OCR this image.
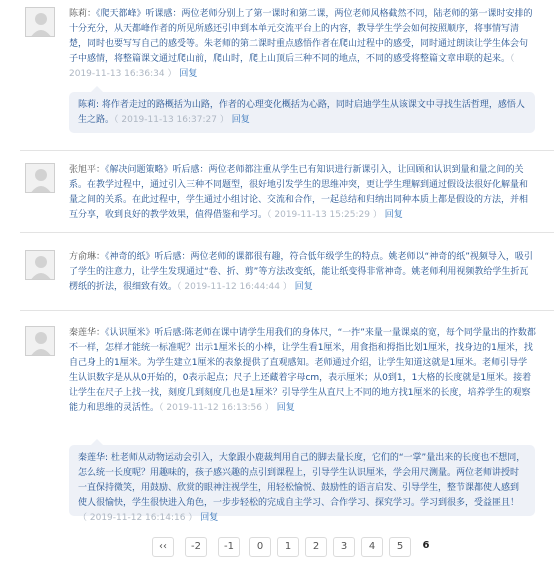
陈莉：《爬天都峰》听课感：两位老师分别上了第一课时和第二课，两位老师风格截然不同，陆老师的第一课时安排的十分充分，从天都峰作者的所见所感还引申到本单元交流平台上的内容，教导学生学会如何按照顺序，将事情写清楚，同时也要写写自己的感受等。朱老师的第二课时重点感悟作者在爬山过程中的感受，同时通过朗读让学生体会句子中感情，将整篇课文通过爬山前，爬山时，爬上山顶后三种不同的地点，不同的感受将整篇文章串联的起来。（ 2019-11-13 16:36:34 ） 回复
陈莉: 将作者走过的路概括为山路，作者的心理变化概括为心路，同时启迪学生从该课文中寻找生活哲理，感悟人生之路。（ 2019-11-13 16:37:27 ） 回复
张旭平：《解决问题策略》听后感：两位老师都注重从学生已有知识进行新课引入，让回顾和认识到量和量之间的关系。在教学过程中，通过引入三种不同题型，很好地引发学生的思维冲突，更让学生理解到通过假设法很好化解量和量之间的关系。在此过程中，学生通过小组讨论、交流和合作，一起总结和归纳出同种本质上都是假设的方法，并相互分享，收到良好的教学效果，值得借鉴和学习。（ 2019-11-13 15:25:29 ） 回复
方俞琳：《神奇的纸》听后感：两位老师的课都很有趣，符合低年级学生的特点。姚老师以“神奇的纸”视频导入，吸引了学生的注意力，让学生发现通过“卷、折、剪”等方法改变纸，能让纸变得非常神奇。姚老师利用视频教给学生折瓦楞纸的折法，很细致有效。（ 2019-11-12 16:44:44 ） 回复
秦莲华：《认识厘米》听后感:陈老师在课中请学生用我们的身体尺，“一拃”来量一量课桌的宽，每个同学量出的拃数都不一样，怎样才能统一标准呢？出示1厘米长的小棒，让学生看1厘米，用食指和拇指比划1厘米，找身边的1厘米，找自己身上的1厘米。为学生建立1厘米的表象提供了直观感知。老师通过介绍，让学生知道这就是1厘米。老师引导学生认识数字是从从0开始的，0表示起点；尺子上还藏着字母cm，表示厘米；从0到1，1大格的长度就是1厘米。接着让学生在尺子上找一找，刻度几到刻度几也是1厘米？引导学生从直尺上不同的地方找1厘米的长度，培养学生的观察能力和思维的灵活性。（ 2019-11-12 16:13:56 ） 回复
秦莲华: 杜老师从动物运动会引入，大象跟小鹿裁判用自己的脚去量长度，它们的“一掌”量出来的长度也不想同，怎么统一长度呢？用趣味的，孩子感兴趣的点引到课程上，引导学生认识厘米，学会用尺测量。两位老师讲授时一直保持微笑，用鼓励、欣赏的眼神注视学生，用轻松愉悦、鼓励性的语言启发、引导学生，整节课都使人感到使人很愉快，学生很快进入角色，一步步轻松的完成自主学习、合作学习、探究学习。学习到很多，受益匪且！（ 2019-11-12 16:14:16 ） 回复
‹‹	-2	-1	0	1	2	3	4	5	6
